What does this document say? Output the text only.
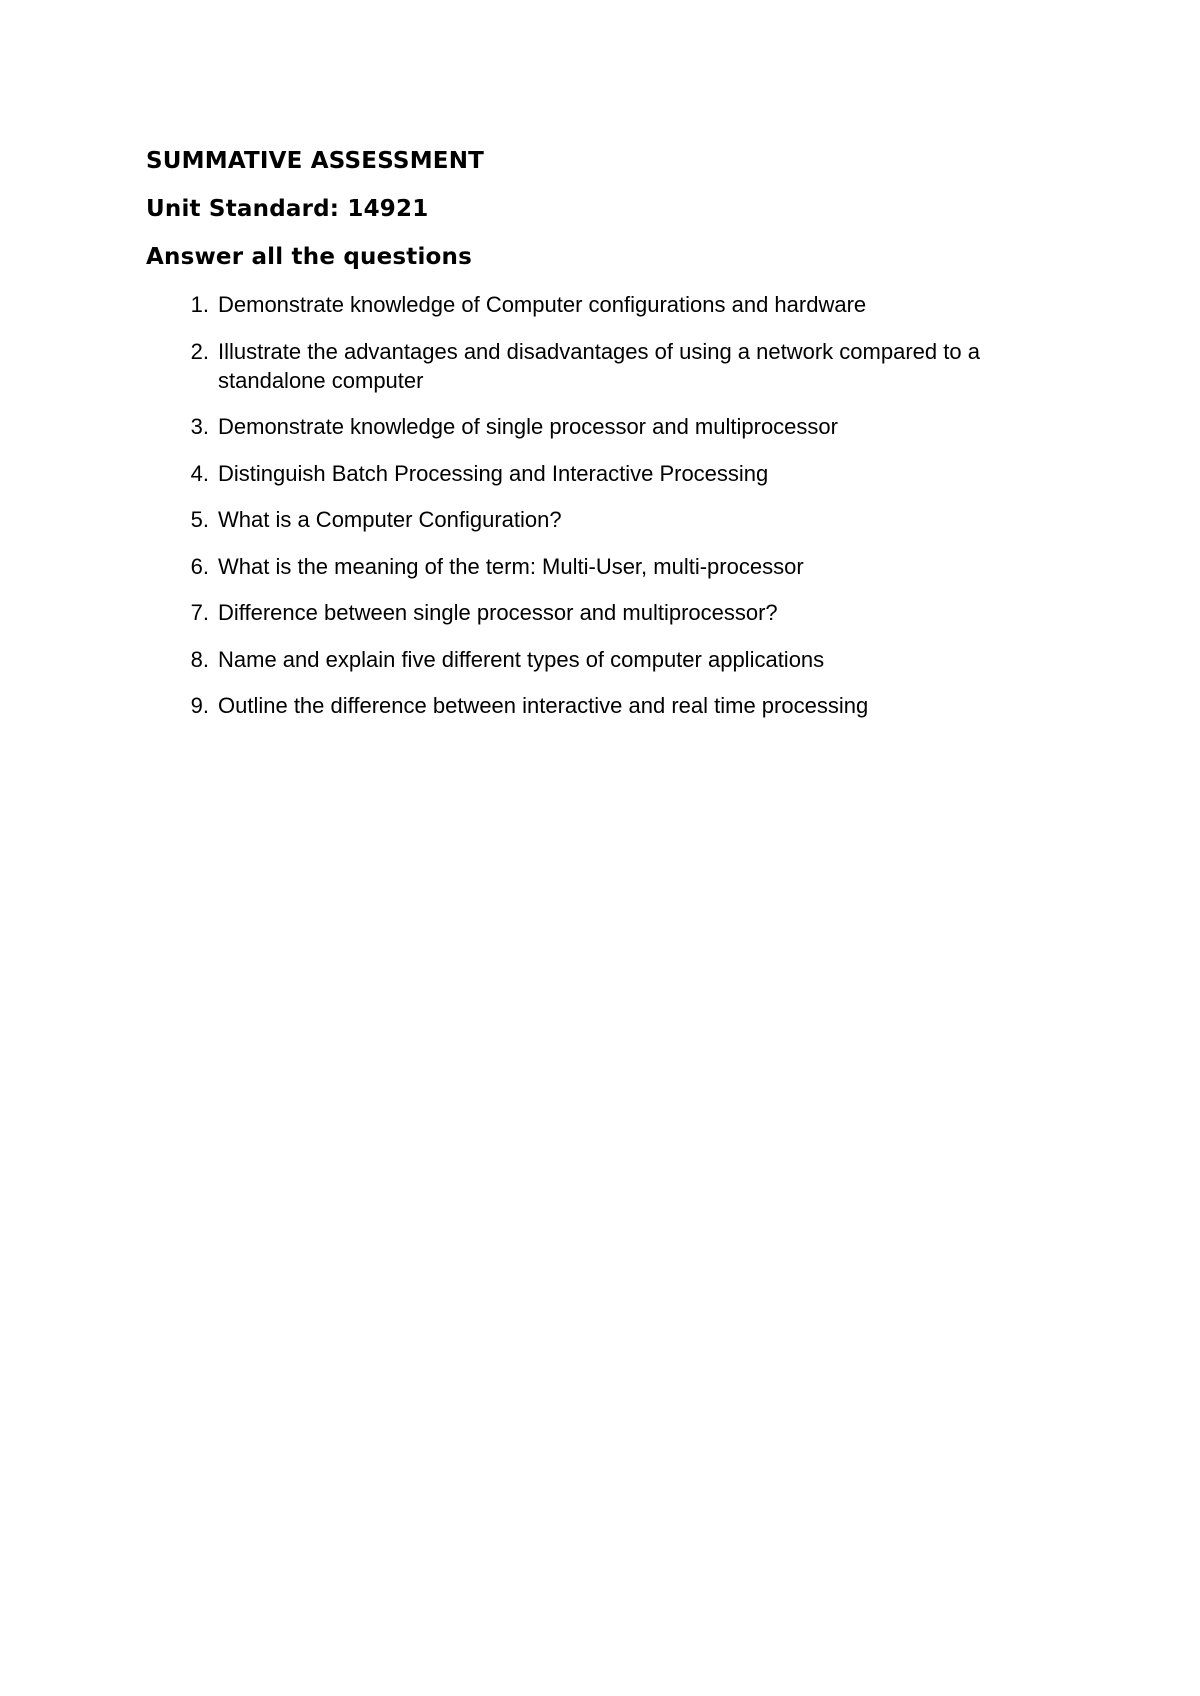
SUMMATIVE ASSESSMENT
Unit Standard: 14921
Answer all the questions
1. Demonstrate knowledge of Computer configurations and hardware
2. Illustrate the advantages and disadvantages of using a network compared to a standalone computer
3. Demonstrate knowledge of single processor and multiprocessor
4. Distinguish Batch Processing and Interactive Processing
5. What is a Computer Configuration?
6. What is the meaning of the term: Multi-User, multi-processor
7. Difference between single processor and multiprocessor?
8. Name and explain five different types of computer applications
9. Outline the difference between interactive and real time processing
